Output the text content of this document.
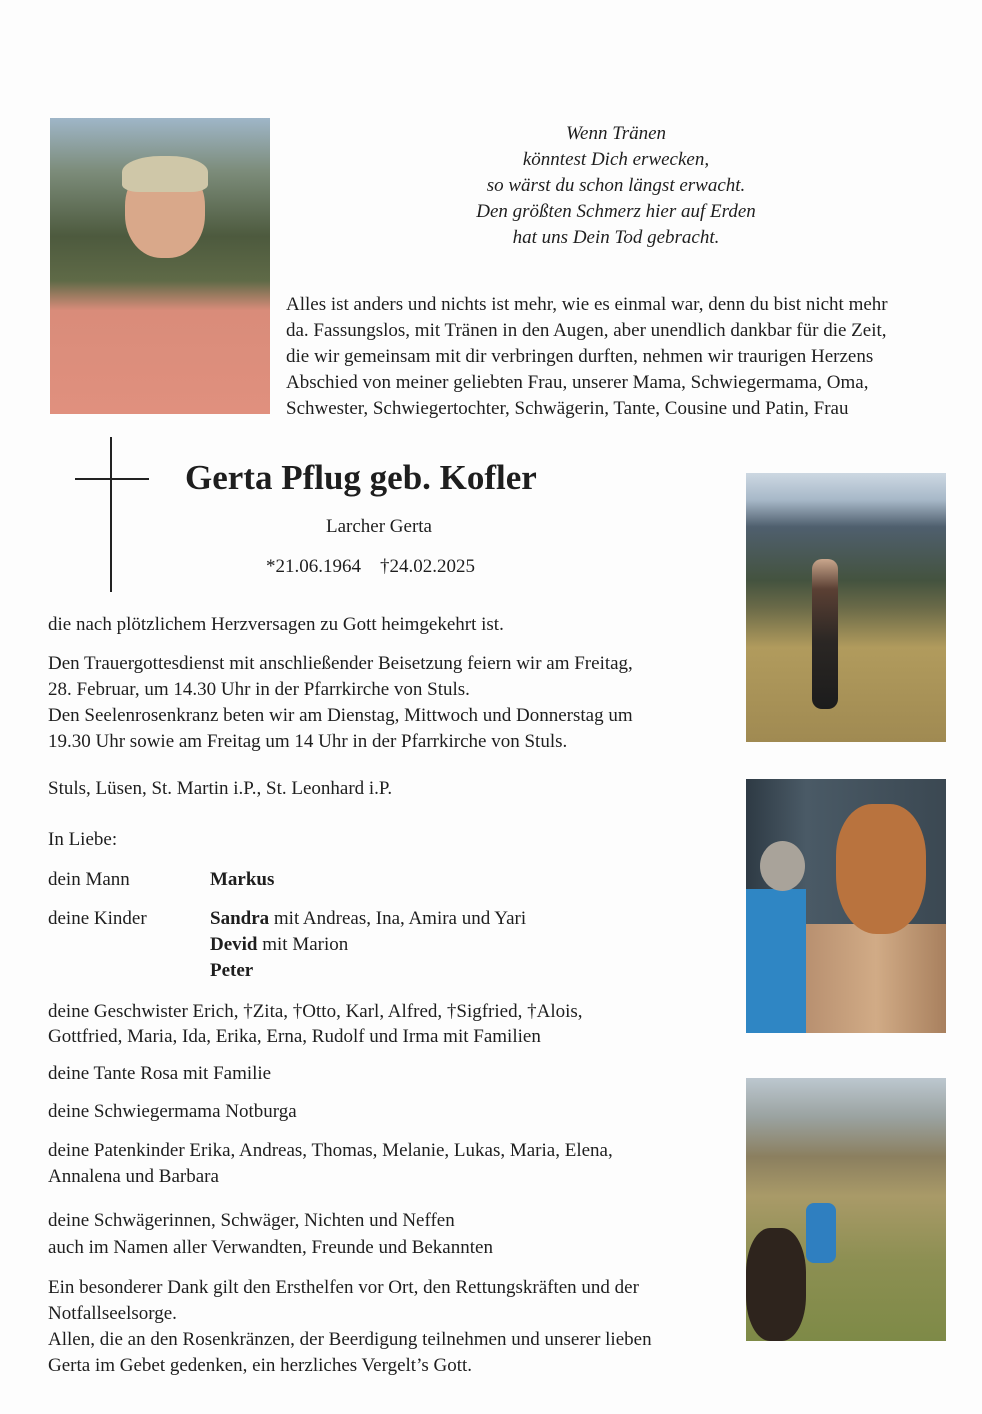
Wenn Tränen
könntest Dich erwecken,
so wärst du schon längst erwacht.
Den größten Schmerz hier auf Erden
hat uns Dein Tod gebracht.
Alles ist anders und nichts ist mehr, wie es einmal war, denn du bist nicht mehr
da. Fassungslos, mit Tränen in den Augen, aber unendlich dankbar für die Zeit,
die wir gemeinsam mit dir verbringen durften, nehmen wir traurigen Herzens
Abschied von meiner geliebten Frau, unserer Mama, Schwiegermama, Oma,
Schwester, Schwiegertochter, Schwägerin, Tante, Cousine und Patin, Frau
Gerta Pflug geb. Kofler
Larcher Gerta
*21.06.1964    †24.02.2025
die nach plötzlichem Herzversagen zu Gott heimgekehrt ist.
Den Trauergottesdienst mit anschließender Beisetzung feiern wir am Freitag,
28. Februar, um 14.30 Uhr in der Pfarrkirche von Stuls.
Den Seelenrosenkranz beten wir am Dienstag, Mittwoch und Donnerstag um
19.30 Uhr sowie am Freitag um 14 Uhr in der Pfarrkirche von Stuls.
Stuls, Lüsen, St. Martin i.P., St. Leonhard i.P.
In Liebe:
dein Mann	Markus
deine Kinder	Sandra mit Andreas, Ina, Amira und Yari
Devid mit Marion
Peter
deine Geschwister Erich, †Zita, †Otto, Karl, Alfred, †Sigfried, †Alois,
Gottfried, Maria, Ida, Erika, Erna, Rudolf und Irma mit Familien
deine Tante Rosa mit Familie
deine Schwiegermama Notburga
deine Patenkinder Erika, Andreas, Thomas, Melanie, Lukas, Maria, Elena,
Annalena und Barbara
deine Schwägerinnen, Schwäger, Nichten und Neffen
auch im Namen aller Verwandten, Freunde und Bekannten
Ein besonderer Dank gilt den Ersthelfen vor Ort, den Rettungskräften und der
Notfallseelsorge.
Allen, die an den Rosenkränzen, der Beerdigung teilnehmen und unserer lieben
Gerta im Gebet gedenken, ein herzliches Vergelt’s Gott.
